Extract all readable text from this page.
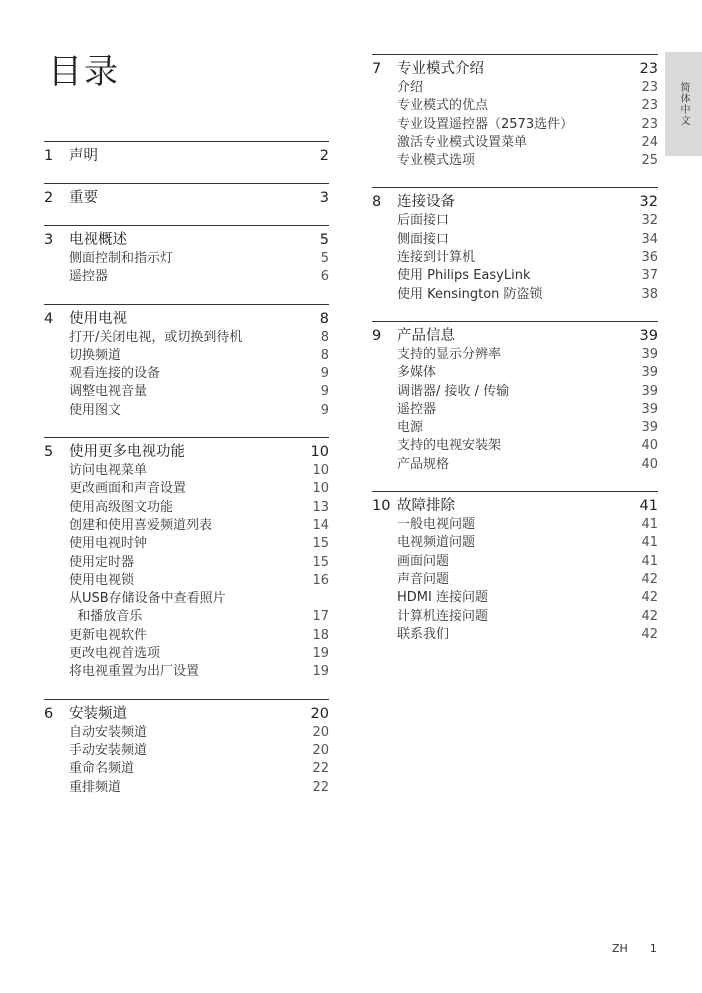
目录
1	声明	2
2	重要	3
3	电视概述	5
侧面控制和指示灯	5
遥控器	6
4	使用电视	8
打开/关闭电视，或切换到待机	8
切换频道	8
观看连接的设备	9
调整电视音量	9
使用图文	9
5	使用更多电视功能	10
访问电视菜单	10
更改画面和声音设置	10
使用高级图文功能	13
创建和使用喜爱频道列表	14
使用电视时钟	15
使用定时器	15
使用电视锁	16
从USB存储设备中查看照片
和播放音乐	17
更新电视软件	18
更改电视首选项	19
将电视重置为出厂设置	19
6	安装频道	20
自动安装频道	20
手动安装频道	20
重命名频道	22
重排频道	22
7	专业模式介绍	23
介绍	23
专业模式的优点	23
专业设置遥控器（2573选件）	23
激活专业模式设置菜单	24
专业模式选项	25
8	连接设备	32
后面接口	32
侧面接口	34
连接到计算机	36
使用 Philips EasyLink	37
使用 Kensington 防盗锁	38
9	产品信息	39
支持的显示分辨率	39
多媒体	39
调谐器/ 接收 / 传输	39
遥控器	39
电源	39
支持的电视安装架	40
产品规格	40
10 故障排除	41
一般电视问题	41
电视频道问题	41
画面问题	41
声音问题	42
HDMI 连接问题	42
计算机连接问题	42
联系我们	42
简体中文
ZH 1
